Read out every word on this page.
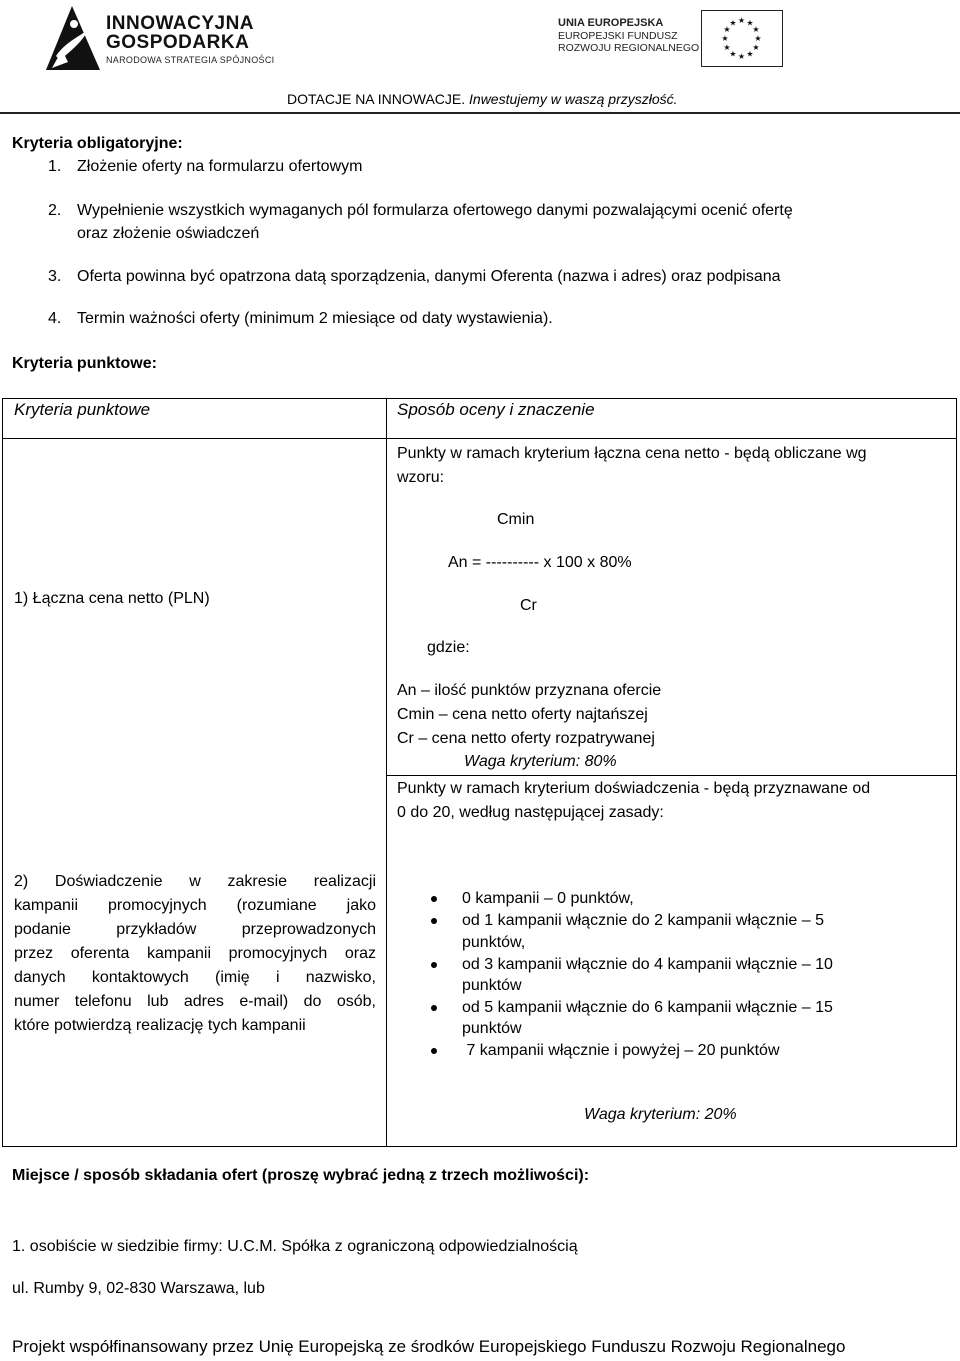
INNOWACYJNA
GOSPODARKA
NARODOWA STRATEGIA SPÓJNOŚCI
UNIA EUROPEJSKA
EUROPEJSKI FUNDUSZ
ROZWOJU REGIONALNEGO
★ ★
★
★
★
★
★
★
★
★
★
★
DOTACJE NA INNOWACJE. Inwestujemy w waszą przyszłość.
Kryteria obligatoryjne:
1. Złożenie oferty na formularzu ofertowym
2. Wypełnienie wszystkich wymaganych pól formularza ofertowego danymi pozwalającymi ocenić ofertę
oraz złożenie oświadczeń
3. Oferta powinna być opatrzona datą sporządzenia, danymi Oferenta (nazwa i adres) oraz podpisana
4. Termin ważności oferty (minimum 2 miesiące od daty wystawienia).
Kryteria punktowe:
Kryteria punktowe	Sposób oceny i znaczenie
1) Łączna cena netto (PLN)
Punkty w ramach kryterium łączna cena netto - będą obliczane wg
wzoru:
Cmin
An = ---------- x 100 x 80%
Cr
gdzie:
An – ilość punktów przyznana ofercie
Cmin – cena netto oferty najtańszej
Cr – cena netto oferty rozpatrywanej
Waga kryterium: 80%
2) Doświadczenie w zakresie realizacji
kampanii promocyjnych (rozumiane jako
podanie przykładów przeprowadzonych
przez oferenta kampanii promocyjnych oraz
danych kontaktowych (imię i nazwisko,
numer telefonu lub adres e-mail) do osób,
które potwierdzą realizację tych kampanii
Punkty w ramach kryterium doświadczenia - będą przyznawane od
0 do 20, według następującej zasady:
0 kampanii – 0 punktów,
od 1 kampanii włącznie do 2 kampanii włącznie – 5
punktów,
od 3 kampanii włącznie do 4 kampanii włącznie – 10
punktów
od 5 kampanii włącznie do 6 kampanii włącznie – 15
punktów
7 kampanii włącznie i powyżej – 20 punktów
Waga kryterium: 20%
Miejsce / sposób składania ofert (proszę wybrać jedną z trzech możliwości):
1. osobiście w siedzibie firmy: U.C.M. Spółka z ograniczoną odpowiedzialnością
ul. Rumby 9, 02-830 Warszawa, lub
Projekt współfinansowany przez Unię Europejską ze środków Europejskiego Funduszu Rozwoju Regionalnego
